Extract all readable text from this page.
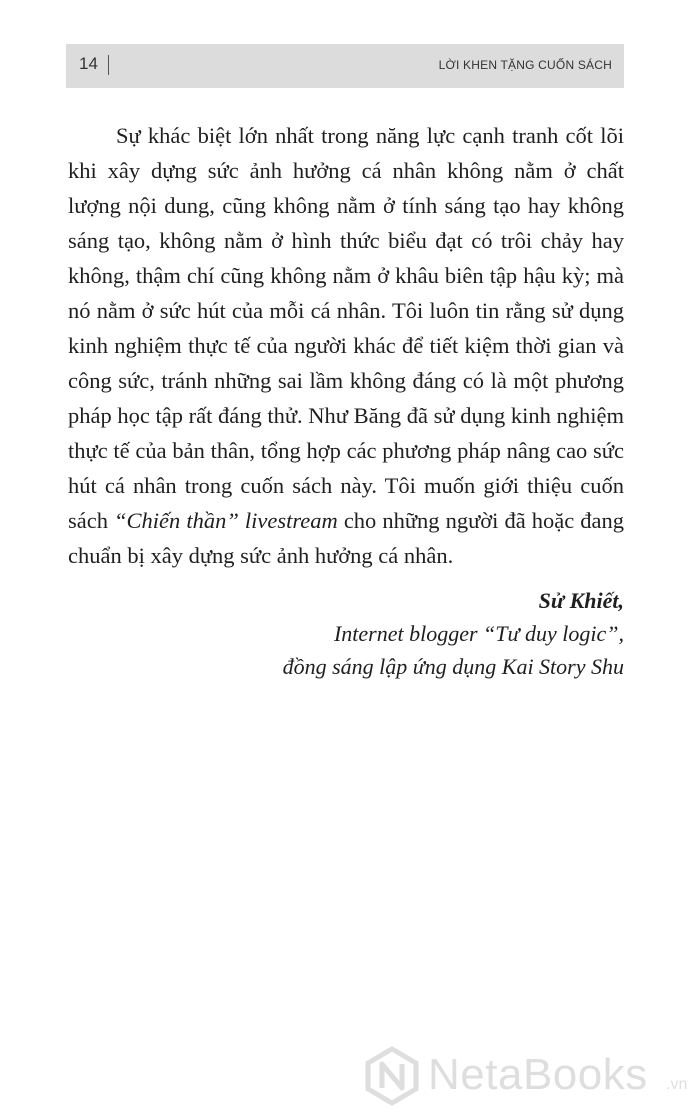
14	LỜI KHEN TẶNG CUỐN SÁCH

Sự khác biệt lớn nhất trong năng lực cạnh tranh cốt lõi khi xây dựng sức ảnh hưởng cá nhân không nằm ở chất lượng nội dung, cũng không nằm ở tính sáng tạo hay không sáng tạo, không nằm ở hình thức biểu đạt có trôi chảy hay không, thậm chí cũng không nằm ở khâu biên tập hậu kỳ; mà nó nằm ở sức hút của mỗi cá nhân. Tôi luôn tin rằng sử dụng kinh nghiệm thực tế của người khác để tiết kiệm thời gian và công sức, tránh những sai lầm không đáng có là một phương pháp học tập rất đáng thử. Như Băng đã sử dụng kinh nghiệm thực tế của bản thân, tổng hợp các phương pháp nâng cao sức hút cá nhân trong cuốn sách này. Tôi muốn giới thiệu cuốn sách “Chiến thần” livestream cho những người đã hoặc đang chuẩn bị xây dựng sức ảnh hưởng cá nhân.

Sử Khiết,
Internet blogger “Tư duy logic”,
đồng sáng lập ứng dụng Kai Story Shu
NetaBooks .vn
